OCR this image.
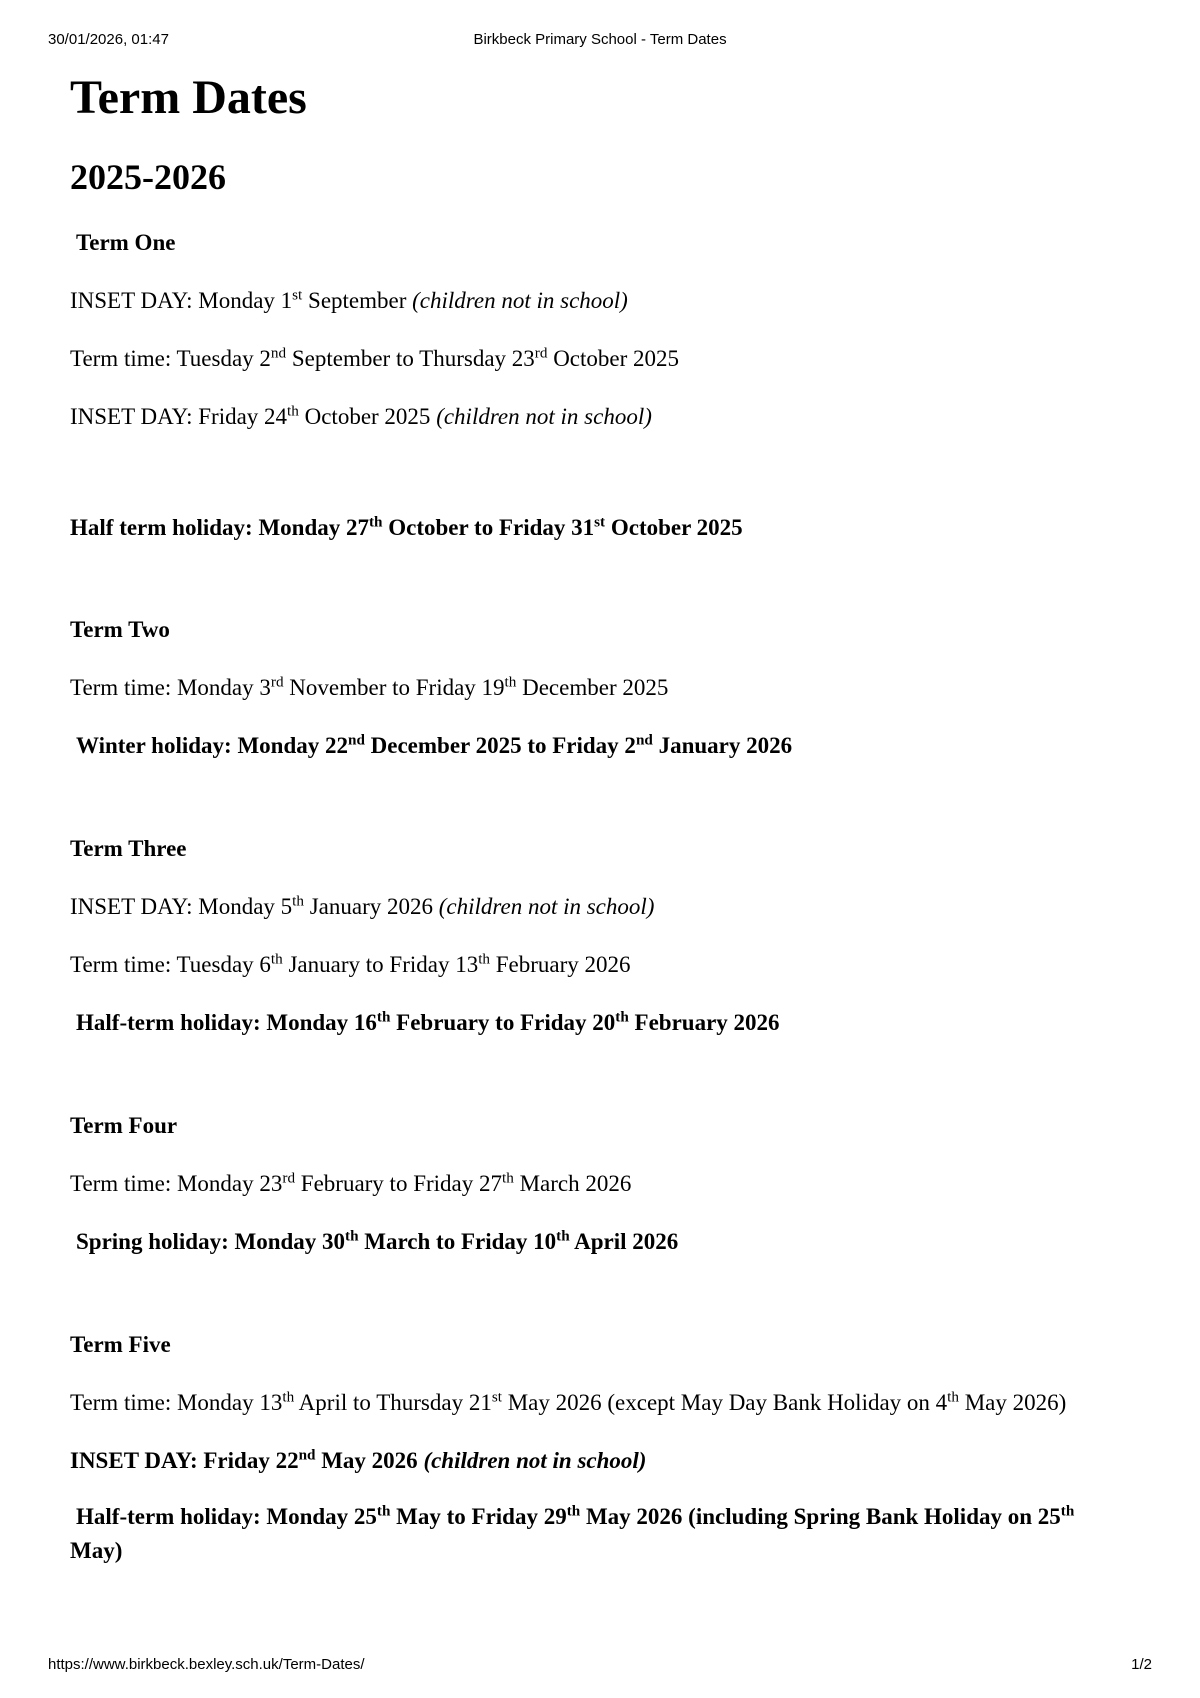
30/01/2026, 01:47	Birkbeck Primary School - Term Dates
Term Dates
2025-2026

Term One

INSET DAY: Monday 1st September (children not in school)

Term time: Tuesday 2nd September to Thursday 23rd October 2025

INSET DAY: Friday 24th October 2025 (children not in school)

Half term holiday: Monday 27th October to Friday 31st October 2025

Term Two

Term time: Monday 3rd November to Friday 19th December 2025

Winter holiday: Monday 22nd December 2025 to Friday 2nd January 2026

Term Three

INSET DAY: Monday 5th January 2026 (children not in school)

Term time: Tuesday 6th January to Friday 13th February 2026

Half-term holiday: Monday 16th February to Friday 20th February 2026

Term Four

Term time: Monday 23rd February to Friday 27th March 2026

Spring holiday: Monday 30th March to Friday 10th April 2026

Term Five

Term time: Monday 13th April to Thursday 21st May 2026 (except May Day Bank Holiday on 4th May 2026)

INSET DAY: Friday 22nd May 2026 (children not in school)

Half-term holiday: Monday 25th May to Friday 29th May 2026 (including Spring Bank Holiday on 25th May)

https://www.birkbeck.bexley.sch.uk/Term-Dates/	1/2
